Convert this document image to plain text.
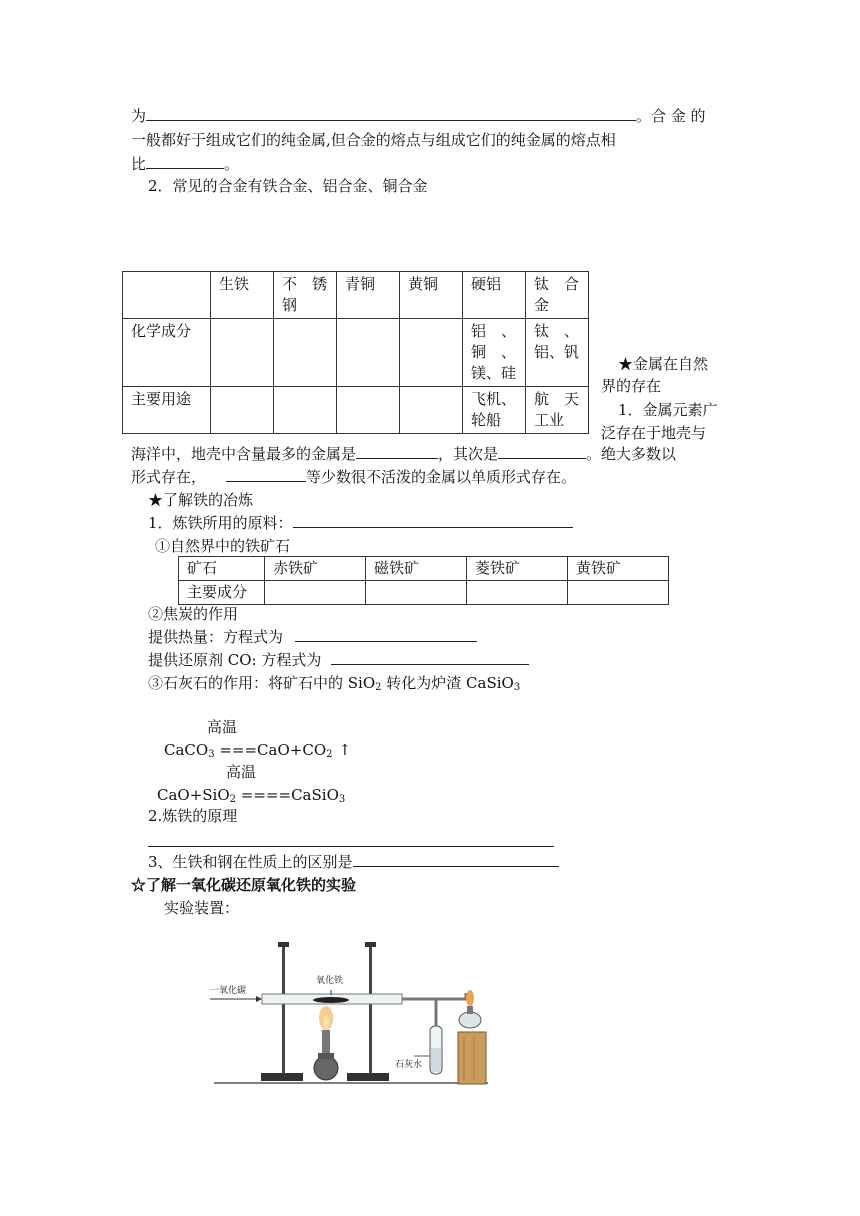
为	。合 金 的
一般都好于组成它们的纯金属,但合金的熔点与组成它们的纯金属的熔点相
比	。
2．常见的合金有铁合金、铝合金、铜合金
	生铁	不　锈钢	青铜	黄铜	硬铝	钛　合金
化学成分					铝　、铜　、镁、硅	钛　、铝、钒
主要用途					飞机、轮船	航　天工业
★金属在自然
界的存在
1．金属元素广
泛存在于地壳与
海洋中，地壳中含量最多的金属是	，其次是	。绝大多数以
形式存在，	等少数很不活泼的金属以单质形式存在。
★了解铁的冶炼
1．炼铁所用的原料：
①自然界中的铁矿石
矿石	赤铁矿	磁铁矿	菱铁矿	黄铁矿
主要成分				
②焦炭的作用
提供热量：方程式为
提供还原剂 CO: 方程式为
③石灰石的作用：将矿石中的 SiO$_2$ 转化为炉渣 CaSiO$_3$
高温
CaCO$_3$ $===CaO+CO_2$ ↑
高温
CaO+SiO$_2$ ====CaSiO$_3$
2.炼铁的原理
3、生铁和钢在性质上的区别是
☆了解一氧化碳还原氧化铁的实验
实验装置：
一氧化碳
氧化铁
石灰水
